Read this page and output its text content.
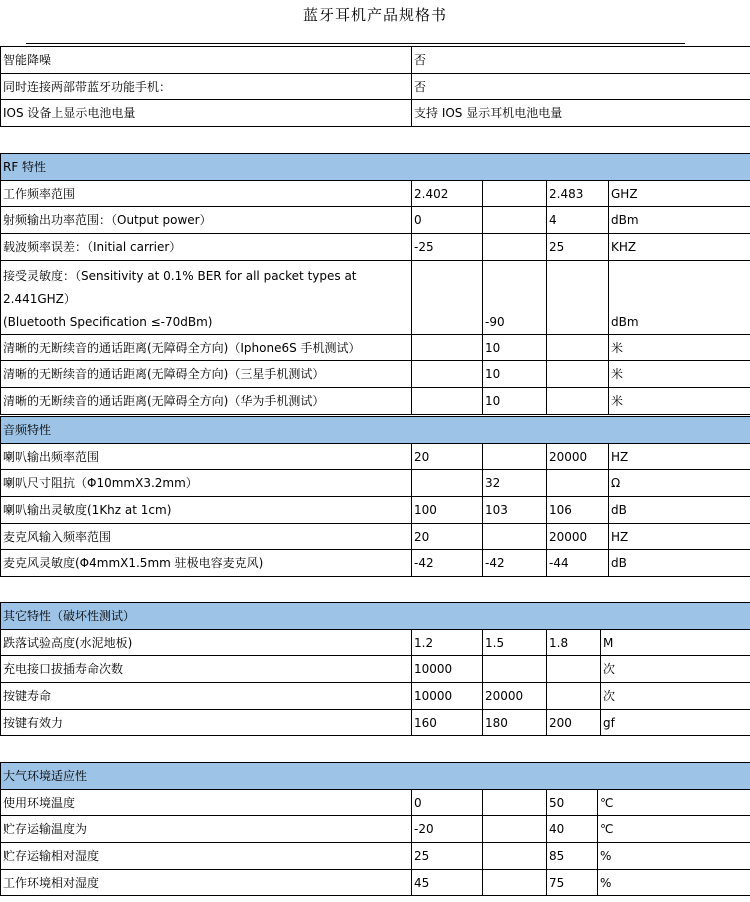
蓝牙耳机产品规格书
智能降噪	否
同时连接两部带蓝牙功能手机：	否
IOS 设备上显示电池电量	支持 IOS 显示耳机电池电量
RF 特性				
工作频率范围	2.402		2.483	GHZ
射频输出功率范围：（Output power）	0		4	dBm
载波频率误差：（Initial carrier）	-25		25	KHZ

接受灵敏度：（Sensitivity at 0.1% BER for all packet types at 2.441GHZ）
(Bluetooth Specification ≤-70dBm)		-90		dBm
清晰的无断续音的通话距离(无障碍全方向)（Iphone6S 手机测试）		10		米
清晰的无断续音的通话距离(无障碍全方向)（三星手机测试）		10		米
清晰的无断续音的通话距离(无障碍全方向)（华为手机测试）		10		米
音频特性				
喇叭输出频率范围	20		20000	HZ
喇叭尺寸阻抗（Φ10mmX3.2mm）		32		Ω
喇叭输出灵敏度(1Khz at 1cm)	100	103	106	dB
麦克风输入频率范围	20		20000	HZ
麦克风灵敏度(Φ4mmX1.5mm 驻极电容麦克风)	-42	-42	-44	dB
其它特性（破坏性测试）				
跌落试验高度(水泥地板)	1.2	1.5	1.8	M
充电接口拔插寿命次数	10000			次
按键寿命	10000	20000		次
按键有效力	160	180	200	gf
大气环境适应性				
使用环境温度	0		50	℃
贮存运输温度为	-20		40	℃
贮存运输相对湿度	25		85	%
工作环境相对湿度	45		75	%
